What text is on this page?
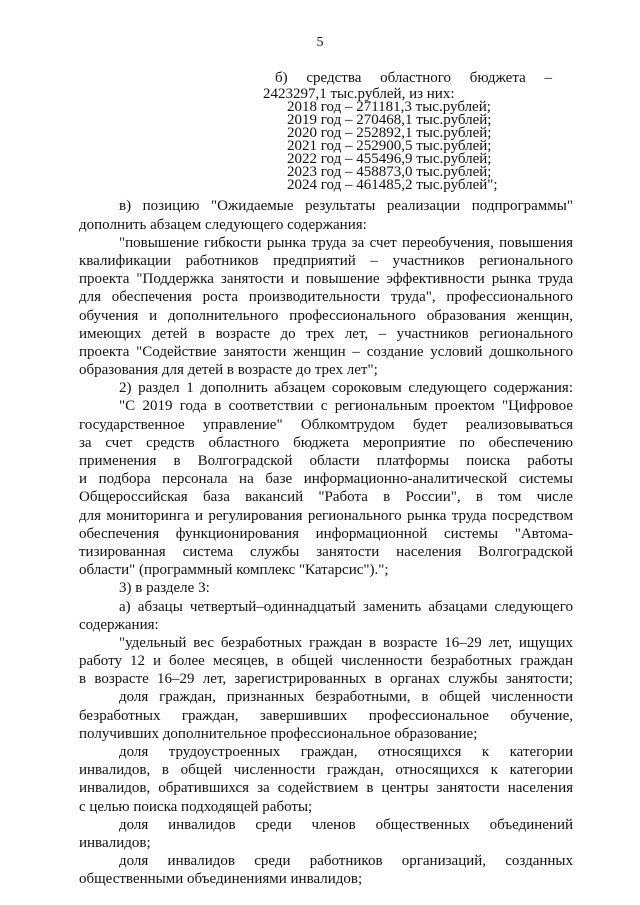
5
б)     средства     областного     бюджета     –
2423297,1 тыс.рублей, из них:
2018 год – 271181,3 тыс.рублей;
2019 год – 270468,1 тыс.рублей;
2020 год – 252892,1 тыс.рублей;
2021 год – 252900,5 тыс.рублей;
2022 год – 455496,9 тыс.рублей;
2023 год – 458873,0 тыс.рублей;
2024 год – 461485,2 тыс.рублей";
в) позицию "Ожидаемые результаты реализации подпрограммы"
дополнить абзацем следующего содержания:
"повышение гибкости рынка труда за счет переобучения, повышения
квалификации работников предприятий – участников регионального
проекта "Поддержка занятости и повышение эффективности рынка труда
для обеспечения роста производительности труда", профессионального
обучения и дополнительного профессионального образования женщин,
имеющих детей в возрасте до трех лет, – участников регионального
проекта "Содействие занятости женщин – создание условий дошкольного
образования для детей в возрасте до трех лет";
2) раздел 1 дополнить абзацем сороковым следующего содержания:
"С 2019 года в соответствии с региональным проектом "Цифровое
государственное управление" Облкомтрудом будет реализовываться
за счет средств областного бюджета мероприятие по обеспечению
применения в Волгоградской области платформы поиска работы
и подбора персонала на базе информационно-аналитической системы
Общероссийская база вакансий "Работа в России", в том числе
для мониторинга и регулирования регионального рынка труда посредством
обеспечения функционирования информационной системы "Автома-
тизированная система службы занятости населения Волгоградской
области" (программный комплекс "Катарсис").";
3) в разделе 3:
а) абзацы четвертый–одиннадцатый заменить абзацами следующего
содержания:
"удельный вес безработных граждан в возрасте 16–29 лет, ищущих
работу 12 и более месяцев, в общей численности безработных граждан
в возрасте 16–29 лет, зарегистрированных в органах службы занятости;
доля граждан, признанных безработными, в общей численности
безработных граждан, завершивших профессиональное обучение,
получивших дополнительное профессиональное образование;
доля трудоустроенных граждан, относящихся к категории
инвалидов, в общей численности граждан, относящихся к категории
инвалидов, обратившихся за содействием в центры занятости населения
с целью поиска подходящей работы;
доля инвалидов среди членов общественных объединений
инвалидов;
доля инвалидов среди работников организаций, созданных
общественными объединениями инвалидов;
